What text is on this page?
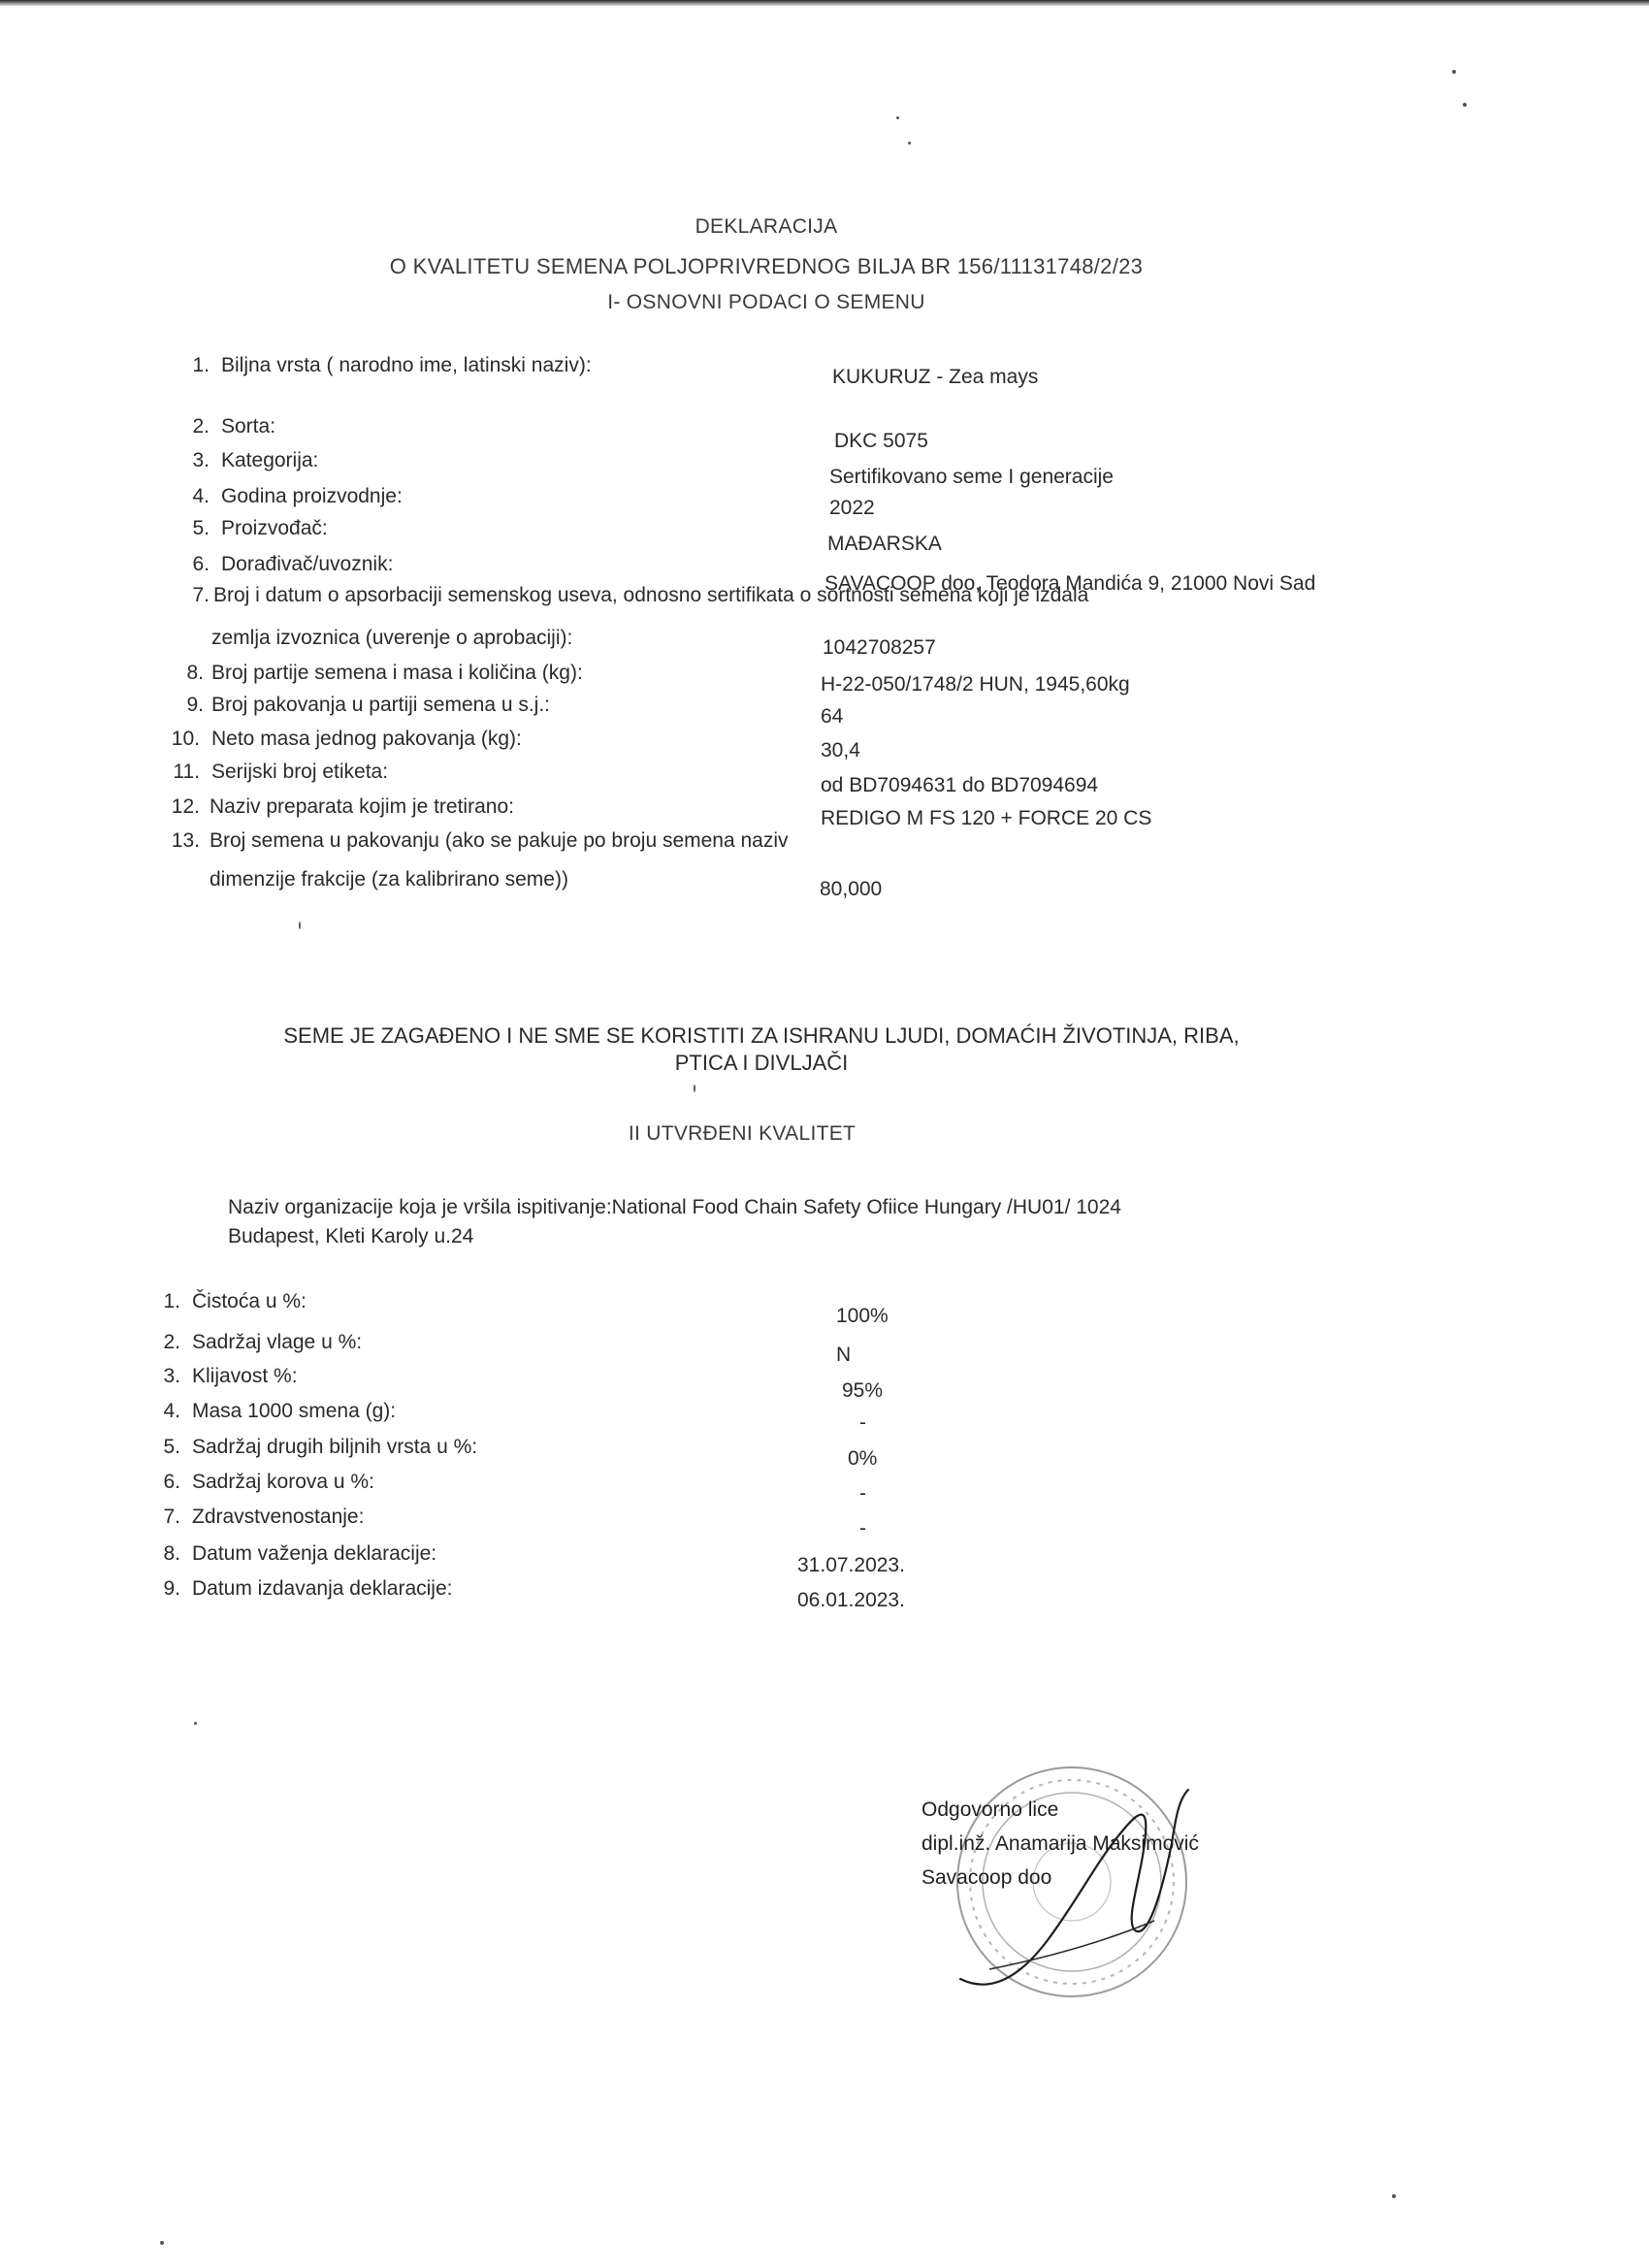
DEKLARACIJA
O KVALITETU SEMENA POLJOPRIVREDNOG BILJA BR 156/11131748/2/23
I- OSNOVNI PODACI O SEMENU
1. Biljna vrsta ( narodno ime, latinski naziv):
KUKURUZ - Zea mays
2. Sorta:
DKC 5075
3. Kategorija:
Sertifikovano seme I generacije
4. Godina proizvodnje:
2022
5. Proizvođač:
MAĐARSKA
6. Dorađivač/uvoznik:
SAVACOOP doo, Teodora Mandića 9, 21000 Novi Sad
7. Broj i datum o apsorbaciji semenskog useva, odnosno sertifikata o sortnosti semena koji je izdala
zemlja izvoznica (uverenje o aprobaciji):	1042708257
8. Broj partije semena i masa i količina (kg):
H-22-050/1748/2 HUN, 1945,60kg
9. Broj pakovanja u partiji semena u s.j.:
64
10. Neto masa jednog pakovanja (kg):
30,4
11. Serijski broj etiketa:
od BD7094631 do BD7094694
12. Naziv preparata kojim je tretirano:
REDIGO M FS 120 + FORCE 20 CS
13. Broj semena u pakovanju (ako se pakuje po broju semena naziv
dimenzije frakcije (za kalibrirano seme))	80,000
SEME JE ZAGAĐENO I NE SME SE KORISTITI ZA ISHRANU LJUDI, DOMAĆIH ŽIVOTINJA, RIBA,
PTICA I DIVLJAČI
II UTVRĐENI KVALITET
Naziv organizacije koja je vršila ispitivanje:National Food Chain Safety Ofiice Hungary /HU01/ 1024
Budapest, Kleti Karoly u.24
1. Čistoća u %:
100%
2. Sadržaj vlage u %:
N
3. Klijavost %:
95%
4. Masa 1000 smena (g):
-
5. Sadržaj drugih biljnih vrsta u %:
0%
6. Sadržaj korova u %:
-
7. Zdravstvenostanje:
-
8. Datum važenja deklaracije:
31.07.2023.
9. Datum izdavanja deklaracije:
06.01.2023.
Odgovorno lice
dipl.inž. Anamarija Maksimović
Savacoop doo
